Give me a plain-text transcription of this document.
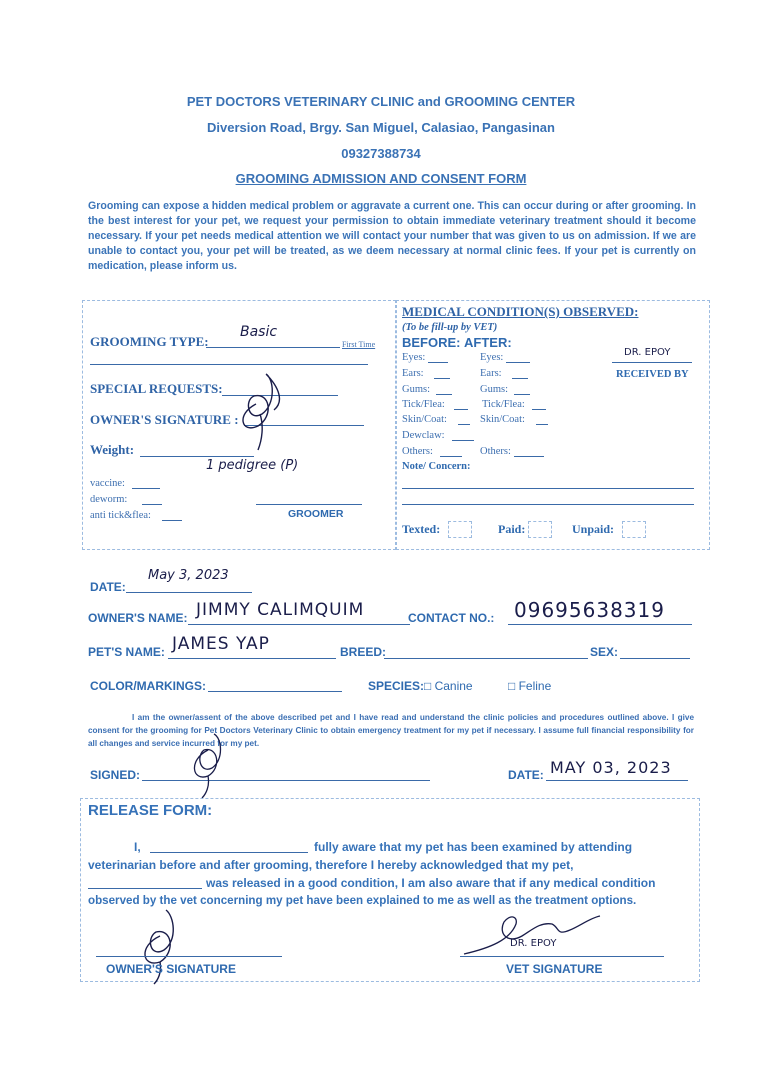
PET DOCTORS VETERINARY CLINIC and GROOMING CENTER
Diversion Road, Brgy. San Miguel, Calasiao, Pangasinan
09327388734
GROOMING ADMISSION AND CONSENT FORM
Grooming can expose a hidden medical problem or aggravate a current one. This can occur during or after grooming. In the best interest for your pet, we request your permission to obtain immediate veterinary treatment should it become necessary. If your pet needs medical attention we will contact your number that was given to us on admission. If we are unable to contact you, your pet will be treated, as we deem necessary at normal clinic fees. If your pet is currently on medication, please inform us.
GROOMING TYPE:
Basic
First Time
SPECIAL REQUESTS:
OWNER'S SIGNATURE :
Weight:
1 pedigree (P)
vaccine:
deworm:
anti tick&flea:	GROOMER
MEDICAL CONDITION(S) OBSERVED:
(To be fill-up by VET)
BEFORE: AFTER:
Eyes:	Eyes:
Ears:	Ears:
Gums:	Gums:
Tick/Flea:	Tick/Flea:
Skin/Coat:	Skin/Coat:
Dewclaw:
Others:	Others:
Note/ Concern:
DR. EPOY
RECEIVED BY
Texted:	Paid:	Unpaid:
DATE:
May 3, 2023
OWNER'S NAME: JIMMY CALIMQUIM	CONTACT NO.: 09695638319
PET'S NAME: JAMES YAP	BREED:	SEX:
COLOR/MARKINGS:	SPECIES: □ Canine	□ Feline
I am the owner/assent of the above described pet and I have read and understand the clinic policies and procedures outlined above. I give consent for the grooming for Pet Doctors Veterinary Clinic to obtain emergency treatment for my pet if necessary. I assume full financial responsibility for all changes and service incurred for my pet.
SIGNED:	DATE: MAY 03, 2023
RELEASE FORM:
I,	fully aware that my pet has been examined by attending
veterinarian before and after grooming, therefore I hereby acknowledged that my pet,
was released in a good condition, I am also aware that if any medical condition
observed by the vet concerning my pet have been explained to me as well as the treatment options.
OWNER'S SIGNATURE
DR. EPOY
VET SIGNATURE
